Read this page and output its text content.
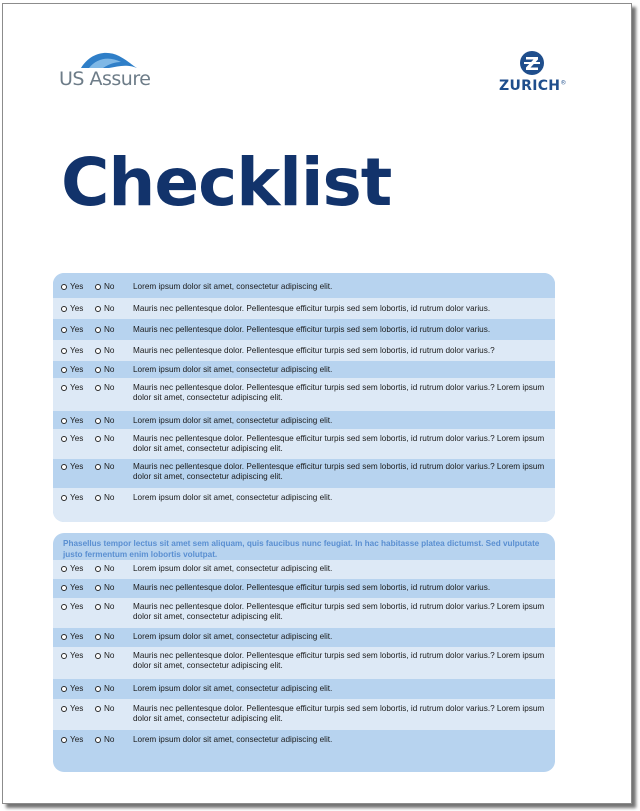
US Assure	ZURICH®
Checklist
Yes	No Lorem ipsum dolor sit amet, consectetur adipiscing elit.
Yes	No Mauris nec pellentesque dolor. Pellentesque efficitur turpis sed sem lobortis, id rutrum dolor varius.
Yes	No Mauris nec pellentesque dolor. Pellentesque efficitur turpis sed sem lobortis, id rutrum dolor varius.
Yes	No Mauris nec pellentesque dolor. Pellentesque efficitur turpis sed sem lobortis, id rutrum dolor varius.?
Yes	No Lorem ipsum dolor sit amet, consectetur adipiscing elit.
Yes	No Mauris nec pellentesque dolor. Pellentesque efficitur turpis sed sem lobortis, id rutrum dolor varius.? Lorem ipsum dolor sit amet, consectetur adipiscing elit.
Yes	No Lorem ipsum dolor sit amet, consectetur adipiscing elit.
Yes	No Mauris nec pellentesque dolor. Pellentesque efficitur turpis sed sem lobortis, id rutrum dolor varius.? Lorem ipsum dolor sit amet, consectetur adipiscing elit.
Yes	No Mauris nec pellentesque dolor. Pellentesque efficitur turpis sed sem lobortis, id rutrum dolor varius.? Lorem ipsum dolor sit amet, consectetur adipiscing elit.
Yes	No Lorem ipsum dolor sit amet, consectetur adipiscing elit.
Phasellus tempor lectus sit amet sem aliquam, quis faucibus nunc feugiat. In hac habitasse platea dictumst. Sed vulputate justo fermentum enim lobortis volutpat.
Yes	No Lorem ipsum dolor sit amet, consectetur adipiscing elit.
Yes	No Mauris nec pellentesque dolor. Pellentesque efficitur turpis sed sem lobortis, id rutrum dolor varius.
Yes	No Mauris nec pellentesque dolor. Pellentesque efficitur turpis sed sem lobortis, id rutrum dolor varius.? Lorem ipsum dolor sit amet, consectetur adipiscing elit.
Yes	No Lorem ipsum dolor sit amet, consectetur adipiscing elit.
Yes	No Mauris nec pellentesque dolor. Pellentesque efficitur turpis sed sem lobortis, id rutrum dolor varius.? Lorem ipsum dolor sit amet, consectetur adipiscing elit.
Yes	No Lorem ipsum dolor sit amet, consectetur adipiscing elit.
Yes	No Mauris nec pellentesque dolor. Pellentesque efficitur turpis sed sem lobortis, id rutrum dolor varius.? Lorem ipsum dolor sit amet, consectetur adipiscing elit.
Yes	No Lorem ipsum dolor sit amet, consectetur adipiscing elit.
